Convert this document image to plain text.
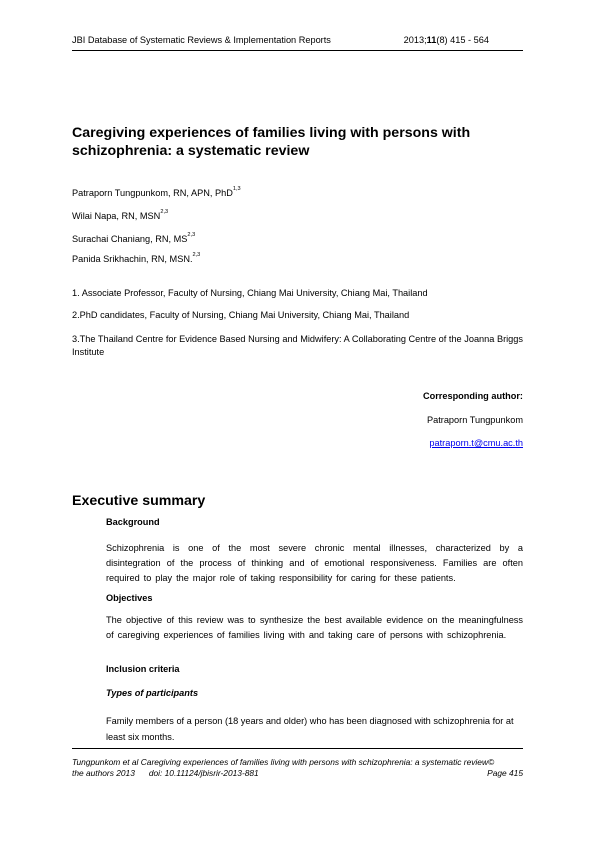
JBI Database of Systematic Reviews & Implementation Reports	2013;11(8) 415 - 564
Caregiving experiences of families living with persons with schizophrenia: a systematic review
Patraporn Tungpunkom, RN, APN, PhD$^{1,3}$
Wilai Napa, RN, MSN$^{2,3}$
Surachai Chaniang, RN, MS$^{2,3}$
Panida Srikhachin, RN, MSN.$^{2,3}$
1. Associate Professor, Faculty of Nursing, Chiang Mai University, Chiang Mai, Thailand
2.PhD candidates, Faculty of Nursing, Chiang Mai University, Chiang Mai, Thailand
3.The Thailand Centre for Evidence Based Nursing and Midwifery: A Collaborating Centre of the Joanna Briggs Institute
Corresponding author:
Patraporn Tungpunkom
patraporn.t@cmu.ac.th
Executive summary
Background
Schizophrenia is one of the most severe chronic mental illnesses, characterized by a disintegration of the process of thinking and of emotional responsiveness. Families are often required to play the major role of taking responsibility for caring for these patients.
Objectives
The objective of this review was to synthesize the best available evidence on the meaningfulness of caregiving experiences of families living with and taking care of persons with schizophrenia.
Inclusion criteria
Types of participants
Family members of a person (18 years and older) who has been diagnosed with schizophrenia for at least six months.
Tungpunkom et al Caregiving experiences of families living with persons with schizophrenia: a systematic review©
the authors 2013      doi: 10.11124/jbisrir-2013-881	Page 415
